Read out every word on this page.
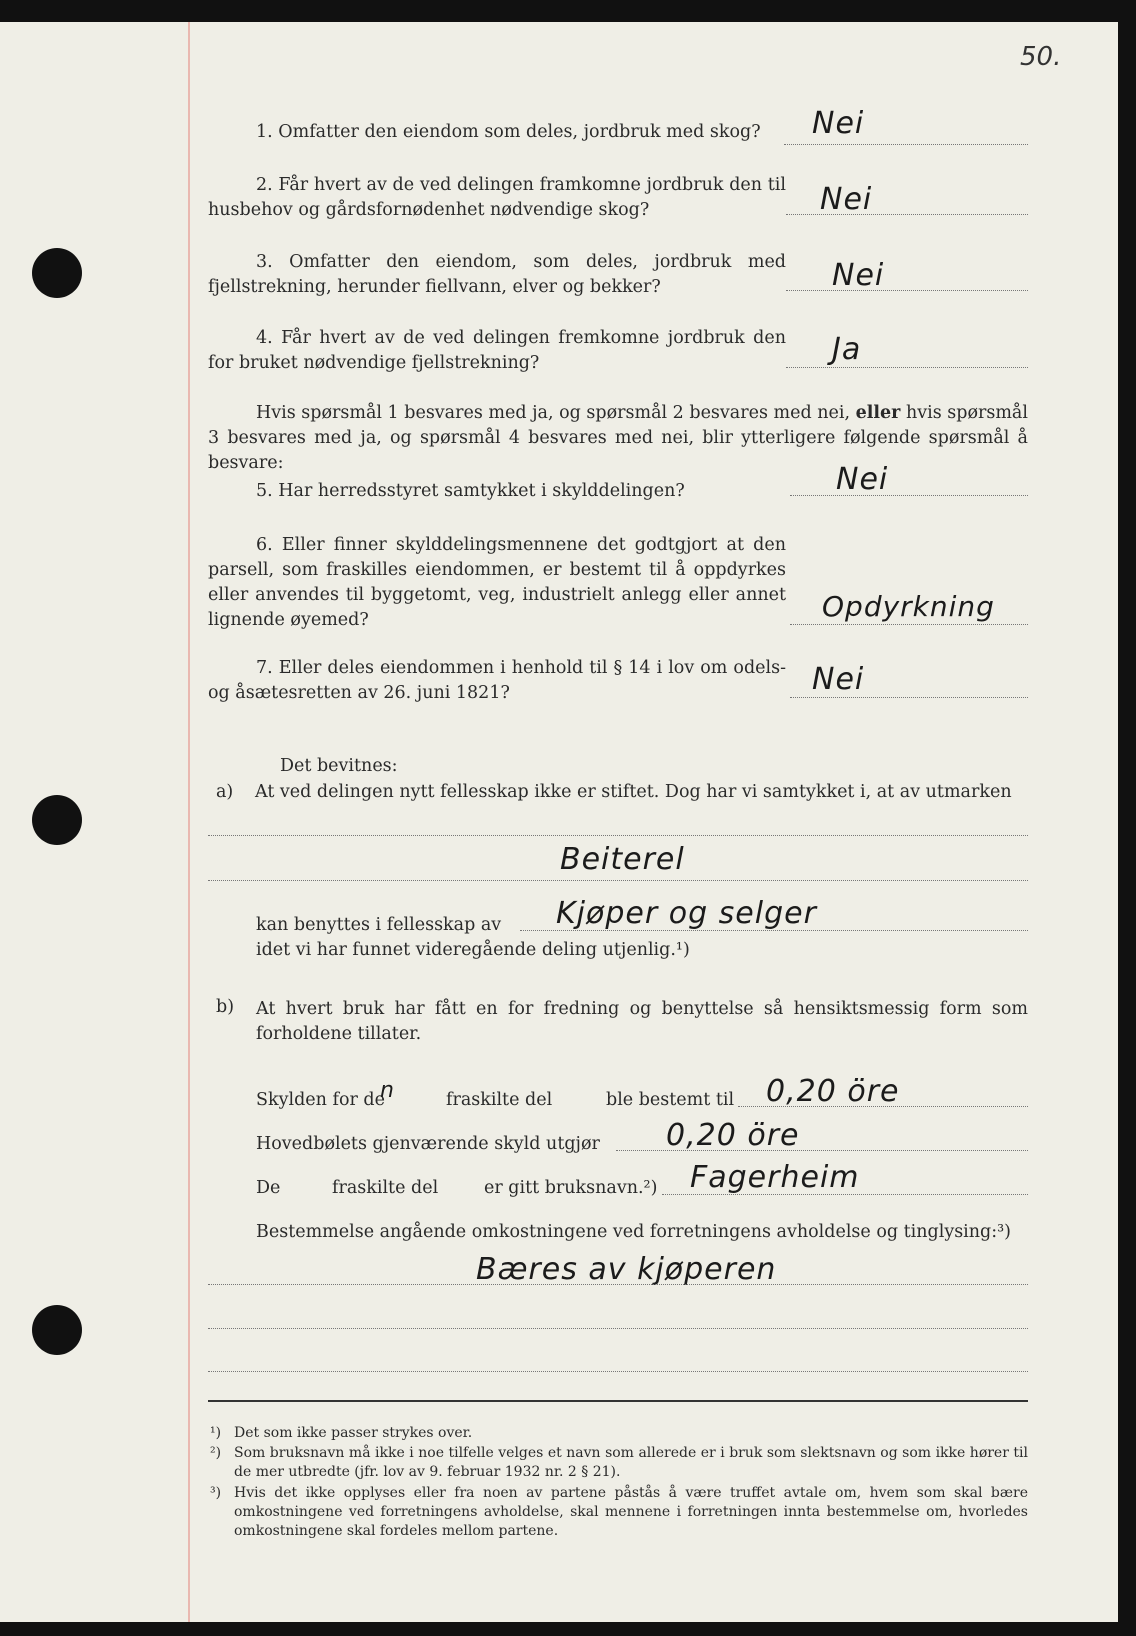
50.
1. Omfatter den eiendom som deles, jordbruk med skog?	Nei
2. Får hvert av de ved delingen framkomne jordbruk den til husbehov og gårdsfornødenhet nødvendige skog?	Nei
3. Omfatter den eiendom, som deles, jordbruk med fjellstrekning, herunder fiellvann, elver og bekker?	Nei
4. Får hvert av de ved delingen fremkomne jordbruk den for bruket nødvendige fjellstrekning?	Ja
Hvis spørsmål 1 besvares med ja, og spørsmål 2 besvares med nei, eller hvis spørsmål 3 besvares med ja, og spørsmål 4 besvares med nei, blir ytterligere følgende spørsmål å besvare:
5. Har herredsstyret samtykket i skylddelingen?	Nei
6. Eller finner skylddelingsmennene det godtgjort at den parsell, som fraskilles eiendommen, er bestemt til å oppdyrkes eller anvendes til byggetomt, veg, industrielt anlegg eller annet lignende øyemed?	Opdyrkning
7. Eller deles eiendommen i henhold til § 14 i lov om odels- og åsætesretten av 26. juni 1821?	Nei
Det bevitnes:
a) At ved delingen nytt fellesskap ikke er stiftet. Dog har vi samtykket i, at av utmarken
Beiterel
kan benyttes i fellesskap av Kjøper og selger
idet vi har funnet videregående deling utjenlig.¹)
b) At hvert bruk har fått en for fredning og benyttelse så hensiktsmessig form som forholdene tillater.
Skylden for de
n	fraskilte del	ble bestemt til 0,20 öre
Hovedbølets gjenværende skyld utgjør 0,20 öre
De	fraskilte del	er gitt bruksnavn.²) Fagerheim
Bestemmelse angående omkostningene ved forretningens avholdelse og tinglysing:³)
Bæres av kjøperen
¹) Det som ikke passer strykes over.
²) Som bruksnavn må ikke i noe tilfelle velges et navn som allerede er i bruk som slektsnavn og som ikke hører til de mer utbredte (jfr. lov av 9. februar 1932 nr. 2 § 21).
³) Hvis det ikke opplyses eller fra noen av partene påstås å være truffet avtale om, hvem som skal bære omkostningene ved forretningens avholdelse, skal mennene i forretningen innta bestemmelse om, hvorledes omkostningene skal fordeles mellom partene.
